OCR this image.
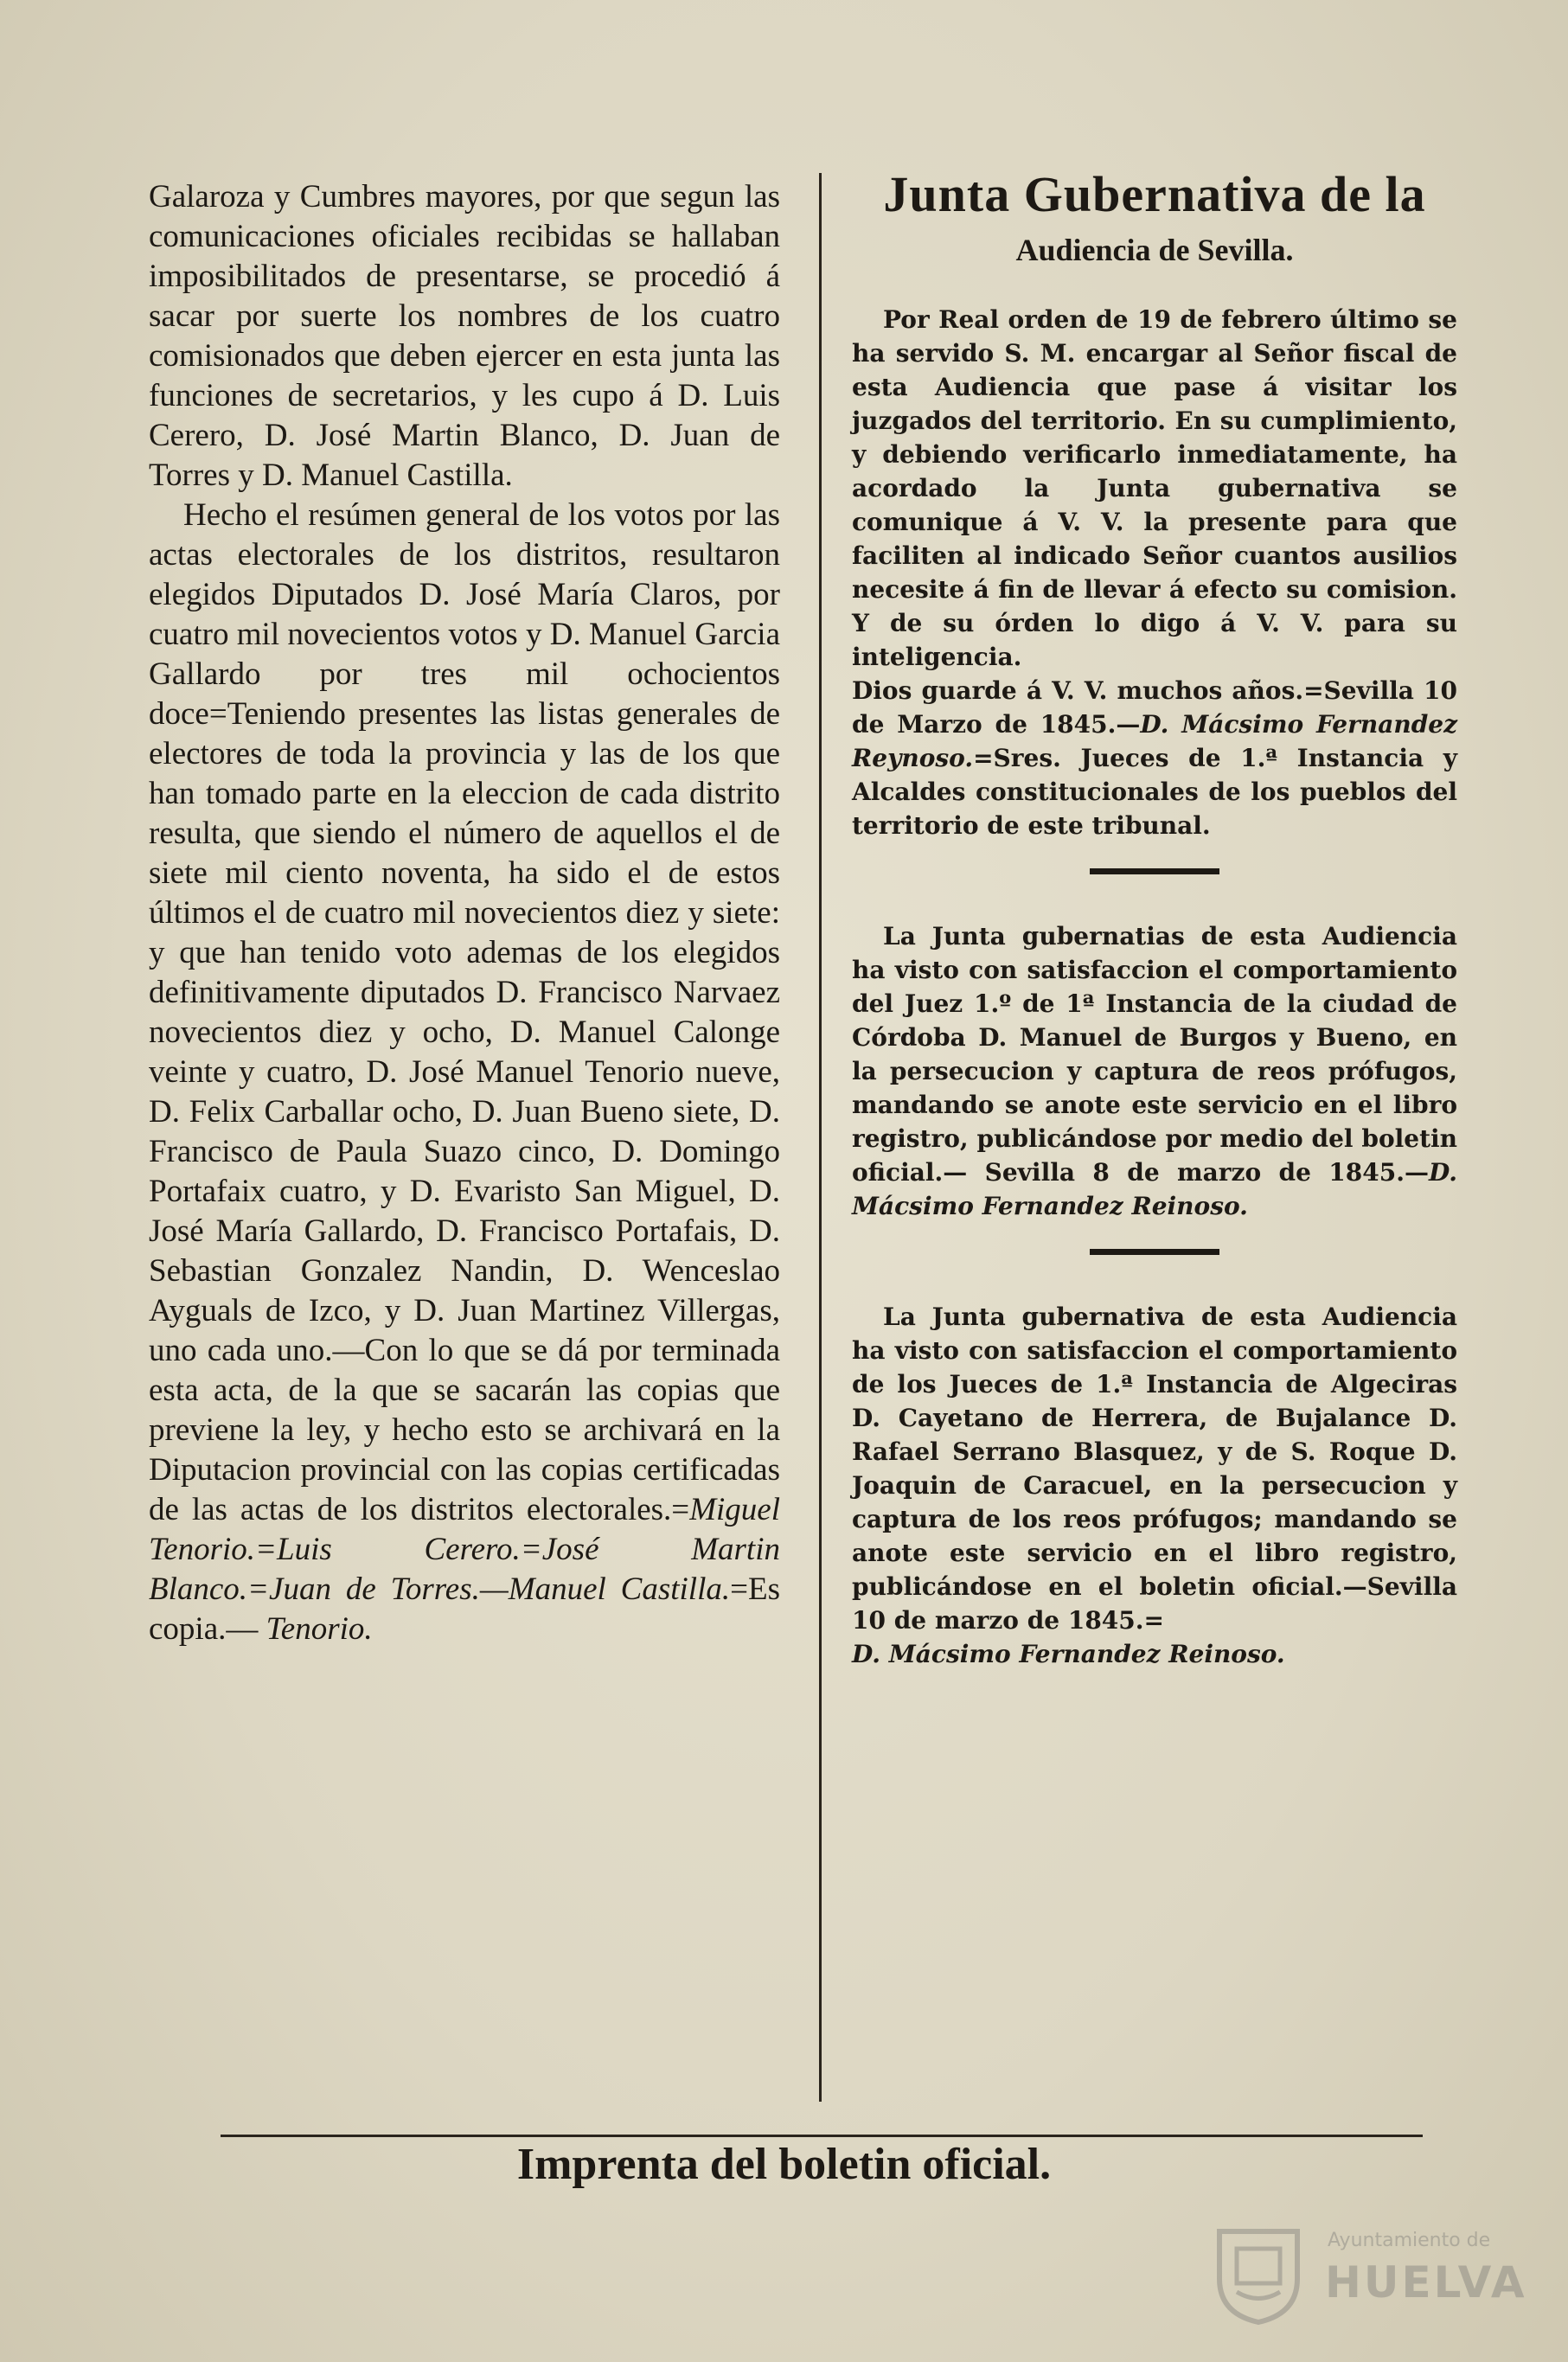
Galaroza y Cumbres mayores, por que segun las comunicaciones oficiales recibidas se hallaban imposibilitados de presentarse, se procedió á sacar por suerte los nombres de los cuatro comisionados que deben ejercer en esta junta las funciones de secretarios, y les cupo á D. Luis Cerero, D. José Martin Blanco, D. Juan de Torres y D. Manuel Castilla.

Hecho el resúmen general de los votos por las actas electorales de los distritos, resultaron elegidos Diputados D. José María Claros, por cuatro mil novecientos votos y D. Manuel Garcia Gallardo por tres mil ochocientos doce=Teniendo presentes las listas generales de electores de toda la provincia y las de los que han tomado parte en la eleccion de cada distrito resulta, que siendo el número de aquellos el de siete mil ciento noventa, ha sido el de estos últimos el de cuatro mil novecientos diez y siete: y que han tenido voto ademas de los elegidos definitivamente diputados D. Francisco Narvaez novecientos diez y ocho, D. Manuel Calonge veinte y cuatro, D. José Manuel Tenorio nueve, D. Felix Carballar ocho, D. Juan Bueno siete, D. Francisco de Paula Suazo cinco, D. Domingo Portafaix cuatro, y D. Evaristo San Miguel, D. José María Gallardo, D. Francisco Portafais, D. Sebastian Gonzalez Nandin, D. Wenceslao Ayguals de Izco, y D. Juan Martinez Villergas, uno cada uno.—Con lo que se dá por terminada esta acta, de la que se sacarán las copias que previene la ley, y hecho esto se archivará en la Diputacion provincial con las copias certificadas de las actas de los distritos electorales.=Miguel Tenorio.=Luis Cerero.=José Martin Blanco.=Juan de Torres.—Manuel Castilla.=Es copia.— Tenorio.

Junta Gubernativa de la
Audiencia de Sevilla.

Por Real orden de 19 de febrero último se ha servido S. M. encargar al Señor fiscal de esta Audiencia que pase á visitar los juzgados del territorio. En su cumplimiento, y debiendo verificarlo inmediatamente, ha acordado la Junta gubernativa se comunique á V. V. la presente para que faciliten al indicado Señor cuantos ausilios necesite á fin de llevar á efecto su comision. Y de su órden lo digo á V. V. para su inteligencia.

Dios guarde á V. V. muchos años.=Sevilla 10 de Marzo de 1845.—D. Mácsimo Fernandez Reynoso.=Sres. Jueces de 1.ª Instancia y Alcaldes constitucionales de los pueblos del territorio de este tribunal.

La Junta gubernatias de esta Audiencia ha visto con satisfaccion el comportamiento del Juez 1.º de 1ª Instancia de la ciudad de Córdoba D. Manuel de Burgos y Bueno, en la persecucion y captura de reos prófugos, mandando se anote este servicio en el libro registro, publicándose por medio del boletin oficial.— Sevilla 8 de marzo de 1845.—D. Mácsimo Fernandez Reinoso.

La Junta gubernativa de esta Audiencia ha visto con satisfaccion el comportamiento de los Jueces de 1.ª Instancia de Algeciras D. Cayetano de Herrera, de Bujalance D. Rafael Serrano Blasquez, y de S. Roque D. Joaquin de Caracuel, en la persecucion y captura de los reos prófugos; mandando se anote este servicio en el libro registro, publicándose en el boletin oficial.—Sevilla 10 de marzo de 1845.=
D. Mácsimo Fernandez Reinoso.

Imprenta del boletin oficial.
Ayuntamiento de
HUELVA
